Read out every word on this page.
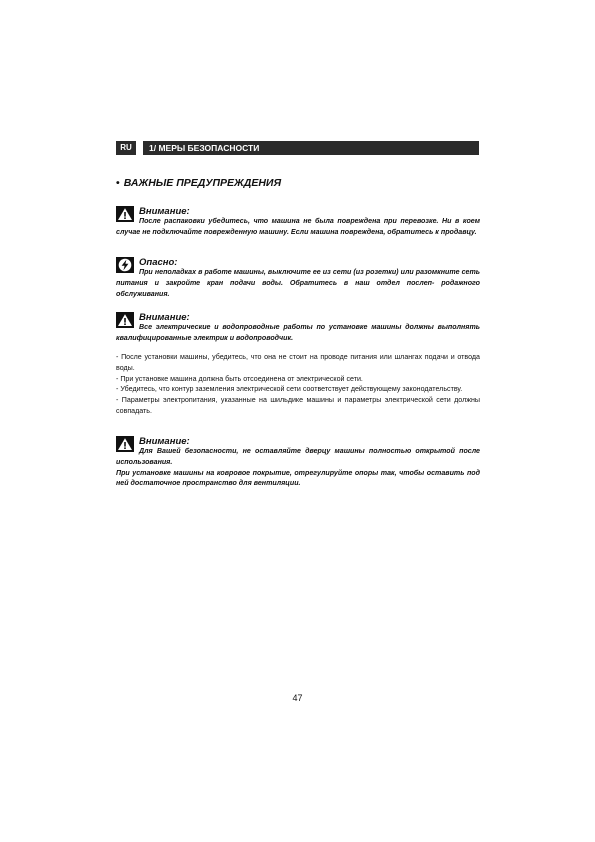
RU	1/ МЕРЫ БЕЗОПАСНОСТИ
• ВАЖНЫЕ ПРЕДУПРЕЖДЕНИЯ
Внимание:
После распаковки убедитесь, что машина не была повреждена при перевозке. Ни в коем случае не подключайте поврежденную машину. Если машина повреждена, обратитесь к продавцу.
Опасно:
При неполадках в работе машины, выключите ее из сети (из розетки) или разомкните сеть питания и закройте кран подачи воды. Обратитесь в наш отдел послеп- родажного обслуживания.
Внимание:
Все электрические и водопроводные работы по установке машины должны выполнять квалифицированные электрик и водопроводчик.

- После установки машины, убедитесь, что она не стоит на проводе питания или шлангах подачи и отвода воды.

- При установке машина должна быть отсоединена от электрической сети.

- Убедитесь, что контур заземления электрической сети соответствует действующему законодательству.

- Параметры электропитания, указанные на шильдике машины и параметры электрической сети должны совпадать.

Внимание:
Для Вашей безопасности, не оставляйте дверцу машины полностью открытой после использования.
При установке машины на ковровое покрытие, отрегулируйте опоры так, чтобы оставить под ней достаточное пространство для вентиляции.
47
